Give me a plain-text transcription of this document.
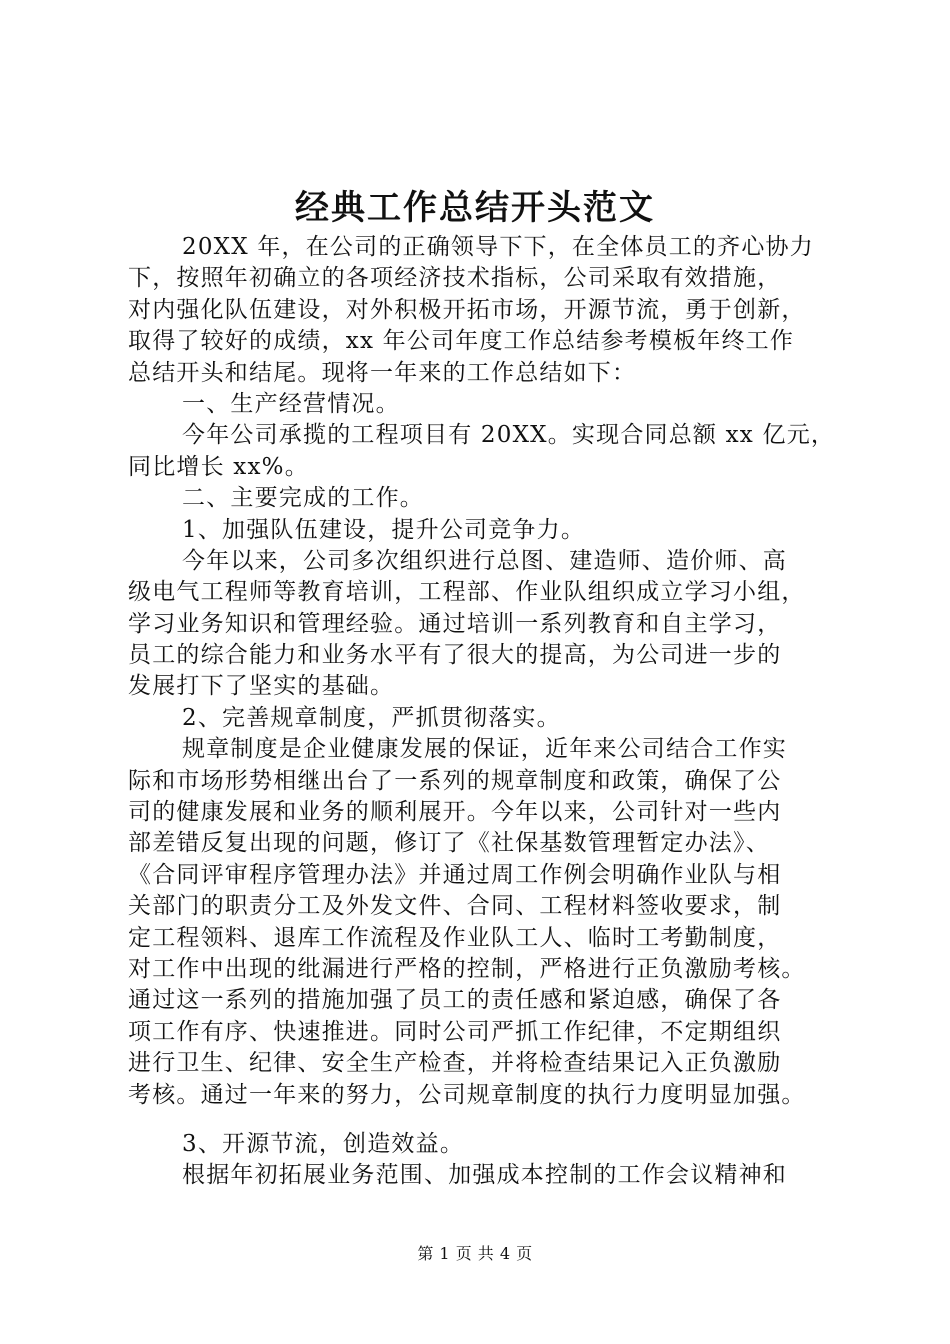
经典工作总结开头范文
20XX 年，在公司的正确领导下下，在全体员工的齐心协力
下，按照年初确立的各项经济技术指标，公司采取有效措施，
对内强化队伍建设，对外积极开拓市场，开源节流，勇于创新，
取得了较好的成绩，xx 年公司年度工作总结参考模板年终工作
总结开头和结尾。现将一年来的工作总结如下：
一、生产经营情况。
今年公司承揽的工程项目有 20XX。实现合同总额 xx 亿元，
同比增长 xx%。
二、主要完成的工作。
1、加强队伍建设，提升公司竞争力。
今年以来，公司多次组织进行总图、建造师、造价师、高
级电气工程师等教育培训，工程部、作业队组织成立学习小组，
学习业务知识和管理经验。通过培训一系列教育和自主学习，
员工的综合能力和业务水平有了很大的提高，为公司进一步的
发展打下了坚实的基础。
2、完善规章制度，严抓贯彻落实。
规章制度是企业健康发展的保证，近年来公司结合工作实
际和市场形势相继出台了一系列的规章制度和政策，确保了公
司的健康发展和业务的顺利展开。今年以来，公司针对一些内
部差错反复出现的问题，修订了《社保基数管理暂定办法》、
《合同评审程序管理办法》并通过周工作例会明确作业队与相
关部门的职责分工及外发文件、合同、工程材料签收要求，制
定工程领料、退库工作流程及作业队工人、临时工考勤制度，
对工作中出现的纰漏进行严格的控制，严格进行正负激励考核。
通过这一系列的措施加强了员工的责任感和紧迫感，确保了各
项工作有序、快速推进。同时公司严抓工作纪律，不定期组织
进行卫生、纪律、安全生产检查，并将检查结果记入正负激励
考核。通过一年来的努力，公司规章制度的执行力度明显加强。
3、开源节流，创造效益。
根据年初拓展业务范围、加强成本控制的工作会议精神和
第 1 页 共 4 页
